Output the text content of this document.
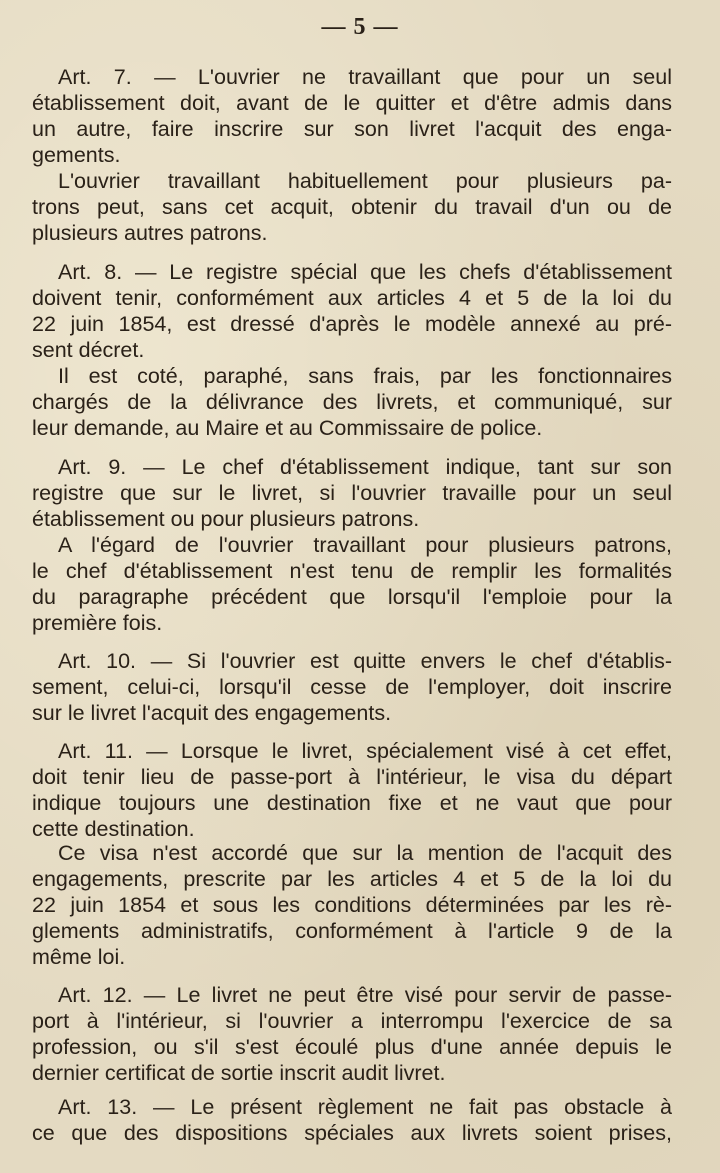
— 5 —
Art. 7. — L'ouvrier ne travaillant que pour un seul
établissement doit, avant de le quitter et d'être admis dans
un autre, faire inscrire sur son livret l'acquit des enga-
gements.
L'ouvrier travaillant habituellement pour plusieurs pa-
trons peut, sans cet acquit, obtenir du travail d'un ou de
plusieurs autres patrons.
Art. 8. — Le registre spécial que les chefs d'établissement
doivent tenir, conformément aux articles 4 et 5 de la loi du
22 juin 1854, est dressé d'après le modèle annexé au pré-
sent décret.
Il est coté, paraphé, sans frais, par les fonctionnaires
chargés de la délivrance des livrets, et communiqué, sur
leur demande, au Maire et au Commissaire de police.
Art. 9. — Le chef d'établissement indique, tant sur son
registre que sur le livret, si l'ouvrier travaille pour un seul
établissement ou pour plusieurs patrons.
A l'égard de l'ouvrier travaillant pour plusieurs patrons,
le chef d'établissement n'est tenu de remplir les formalités
du paragraphe précédent que lorsqu'il l'emploie pour la
première fois.
Art. 10. — Si l'ouvrier est quitte envers le chef d'établis-
sement, celui-ci, lorsqu'il cesse de l'employer, doit inscrire
sur le livret l'acquit des engagements.
Art. 11. — Lorsque le livret, spécialement visé à cet effet,
doit tenir lieu de passe-port à l'intérieur, le visa du départ
indique toujours une destination fixe et ne vaut que pour
cette destination.
Ce visa n'est accordé que sur la mention de l'acquit des
engagements, prescrite par les articles 4 et 5 de la loi du
22 juin 1854 et sous les conditions déterminées par les rè-
glements administratifs, conformément à l'article 9 de la
même loi.
Art. 12. — Le livret ne peut être visé pour servir de passe-
port à l'intérieur, si l'ouvrier a interrompu l'exercice de sa
profession, ou s'il s'est écoulé plus d'une année depuis le
dernier certificat de sortie inscrit audit livret.
Art. 13. — Le présent règlement ne fait pas obstacle à
ce que des dispositions spéciales aux livrets soient prises,
